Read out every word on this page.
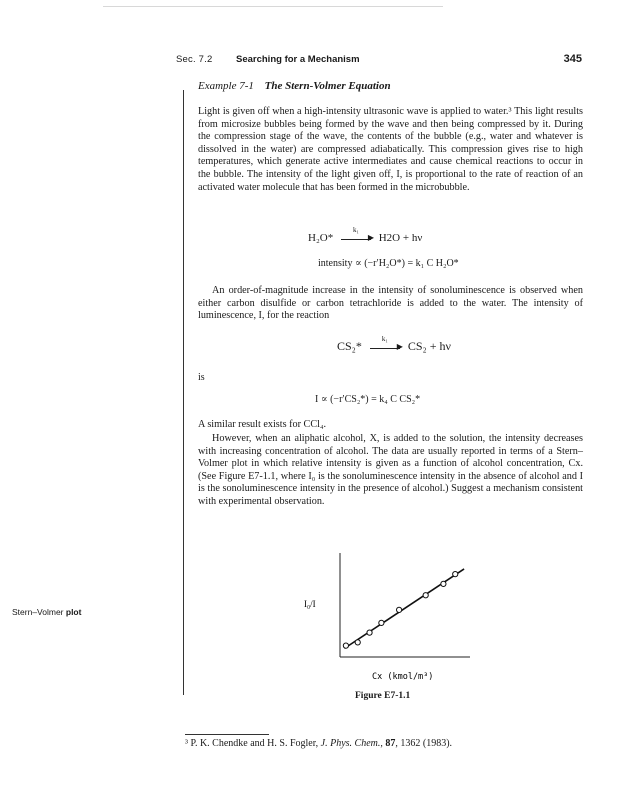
Sec. 7.2 Searching for a Mechanism	345
Example 7-1 The Stern-Volmer Equation

Light is given off when a high-intensity ultrasonic wave is applied to water.³ This light results from microsize bubbles being formed by the wave and then being compressed by it. During the compression stage of the wave, the contents of the bubble (e.g., water and whatever is dissolved in the water) are compressed adiabatically. This compression gives rise to high temperatures, which generate active intermediates and cause chemical reactions to occur in the bubble. The intensity of the light given off, I, is proportional to the rate of reaction of an activated water molecule that has been formed in the microbubble.

H₂O*
k₁
▶ H2O + hν
intensity ∝ (−r′H₂O*) = k₁ C H₂O*

An order-of-magnitude increase in the intensity of sonoluminescence is observed when either carbon disulfide or carbon tetrachloride is added to the water. The intensity of luminescence, I, for the reaction

CS₂*
k₁
▶ CS₂ + hν
is
I ∝ (−r′CS₂*) = k₄ C CS₂*

A similar result exists for CCl₄.

However, when an aliphatic alcohol, X, is added to the solution, the intensity decreases with increasing concentration of alcohol. The data are usually reported in terms of a Stern–Volmer plot in which relative intensity is given as a function of alcohol concentration, Cx. (See Figure E7-1.1, where I₀ is the sonoluminescence intensity in the absence of alcohol and I is the sonoluminescence intensity in the presence of alcohol.) Suggest a mechanism consistent with experimental observation.

Stern–Volmer plot
I₀/I
Cx (kmol/m³)
Figure E7-1.1
³ P. K. Chendke and H. S. Fogler, J. Phys. Chem., 87, 1362 (1983).
